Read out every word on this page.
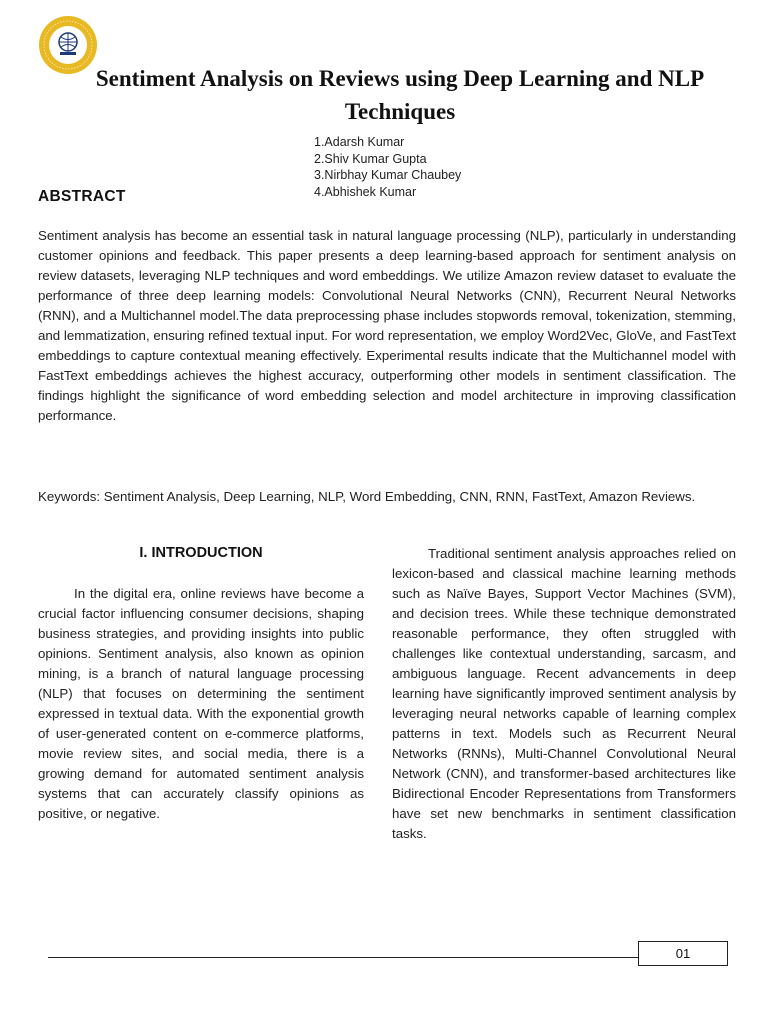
Sentiment Analysis on Reviews using Deep Learning and NLP Techniques
1.Adarsh Kumar
2.Shiv Kumar Gupta
3.Nirbhay Kumar Chaubey
4.Abhishek Kumar
ABSTRACT

Sentiment analysis has become an essential task in natural language processing (NLP), particularly in understanding customer opinions and feedback. This paper presents a deep learning-based approach for sentiment analysis on review datasets, leveraging NLP techniques and word embeddings. We utilize Amazon review dataset to evaluate the performance of three deep learning models: Convolutional Neural Networks (CNN), Recurrent Neural Networks (RNN), and a Multichannel model.The data preprocessing phase includes stopwords removal, tokenization, stemming, and lemmatization, ensuring refined textual input. For word representation, we employ Word2Vec, GloVe, and FastText embeddings to capture contextual meaning effectively. Experimental results indicate that the Multichannel model with FastText embeddings achieves the highest accuracy, outperforming other models in sentiment classification. The findings highlight the significance of word embedding selection and model architecture in improving classification performance.

Keywords: Sentiment Analysis, Deep Learning, NLP, Word Embedding, CNN, RNN, FastText, Amazon Reviews.

I. INTRODUCTION

In the digital era, online reviews have become a crucial factor influencing consumer decisions, shaping business strategies, and providing insights into public opinions. Sentiment analysis, also known as opinion mining, is a branch of natural language processing (NLP) that focuses on determining the sentiment expressed in textual data. With the exponential growth of user-generated content on e-commerce platforms, movie review sites, and social media, there is a growing demand for automated sentiment analysis systems that can accurately classify opinions as positive, or negative.

Traditional sentiment analysis approaches relied on lexicon-based and classical machine learning methods such as Naïve Bayes, Support Vector Machines (SVM), and decision trees. While these technique demonstrated reasonable performance, they often struggled with challenges like contextual understanding, sarcasm, and ambiguous language. Recent advancements in deep learning have significantly improved sentiment analysis by leveraging neural networks capable of learning complex patterns in text. Models such as Recurrent Neural Networks (RNNs), Multi-Channel Convolutional Neural Network (CNN), and transformer-based architectures like Bidirectional Encoder Representations from Transformers have set new benchmarks in sentiment classification tasks.

01
